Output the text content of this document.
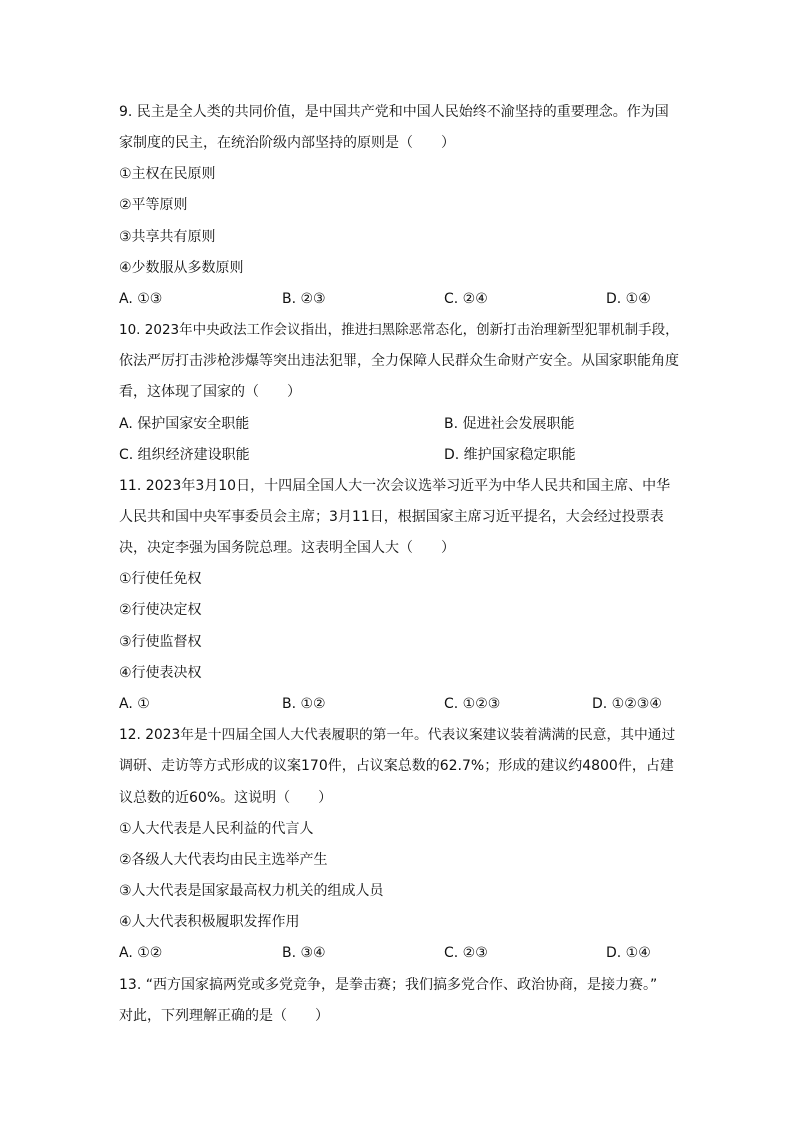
9. 民主是全人类的共同价值，是中国共产党和中国人民始终不渝坚持的重要理念。作为国
家制度的民主，在统治阶级内部坚持的原则是（　　）
①主权在民原则
②平等原则
③共享共有原则
④少数服从多数原则
A. ①③	B. ②③	C. ②④	D. ①④
10. 2023年中央政法工作会议指出，推进扫黑除恶常态化，创新打击治理新型犯罪机制手段，
依法严厉打击涉枪涉爆等突出违法犯罪，全力保障人民群众生命财产安全。从国家职能角度
看，这体现了国家的（　　）
A. 保护国家安全职能	B. 促进社会发展职能
C. 组织经济建设职能	D. 维护国家稳定职能
11. 2023年3月10日，十四届全国人大一次会议选举习近平为中华人民共和国主席、中华
人民共和国中央军事委员会主席；3月11日，根据国家主席习近平提名，大会经过投票表
决，决定李强为国务院总理。这表明全国人大（　　）
①行使任免权
②行使决定权
③行使监督权
④行使表决权
A. ①	B. ①②	C. ①②③	D. ①②③④
12. 2023年是十四届全国人大代表履职的第一年。代表议案建议装着满满的民意，其中通过
调研、走访等方式形成的议案170件，占议案总数的62.7%；形成的建议约4800件，占建
议总数的近60%。这说明（　　）
①人大代表是人民利益的代言人
②各级人大代表均由民主选举产生
③人大代表是国家最高权力机关的组成人员
④人大代表积极履职发挥作用
A. ①②	B. ③④	C. ②③	D. ①④
13. “西方国家搞两党或多党竞争，是拳击赛；我们搞多党合作、政治协商，是接力赛。”
对此，下列理解正确的是（　　）
